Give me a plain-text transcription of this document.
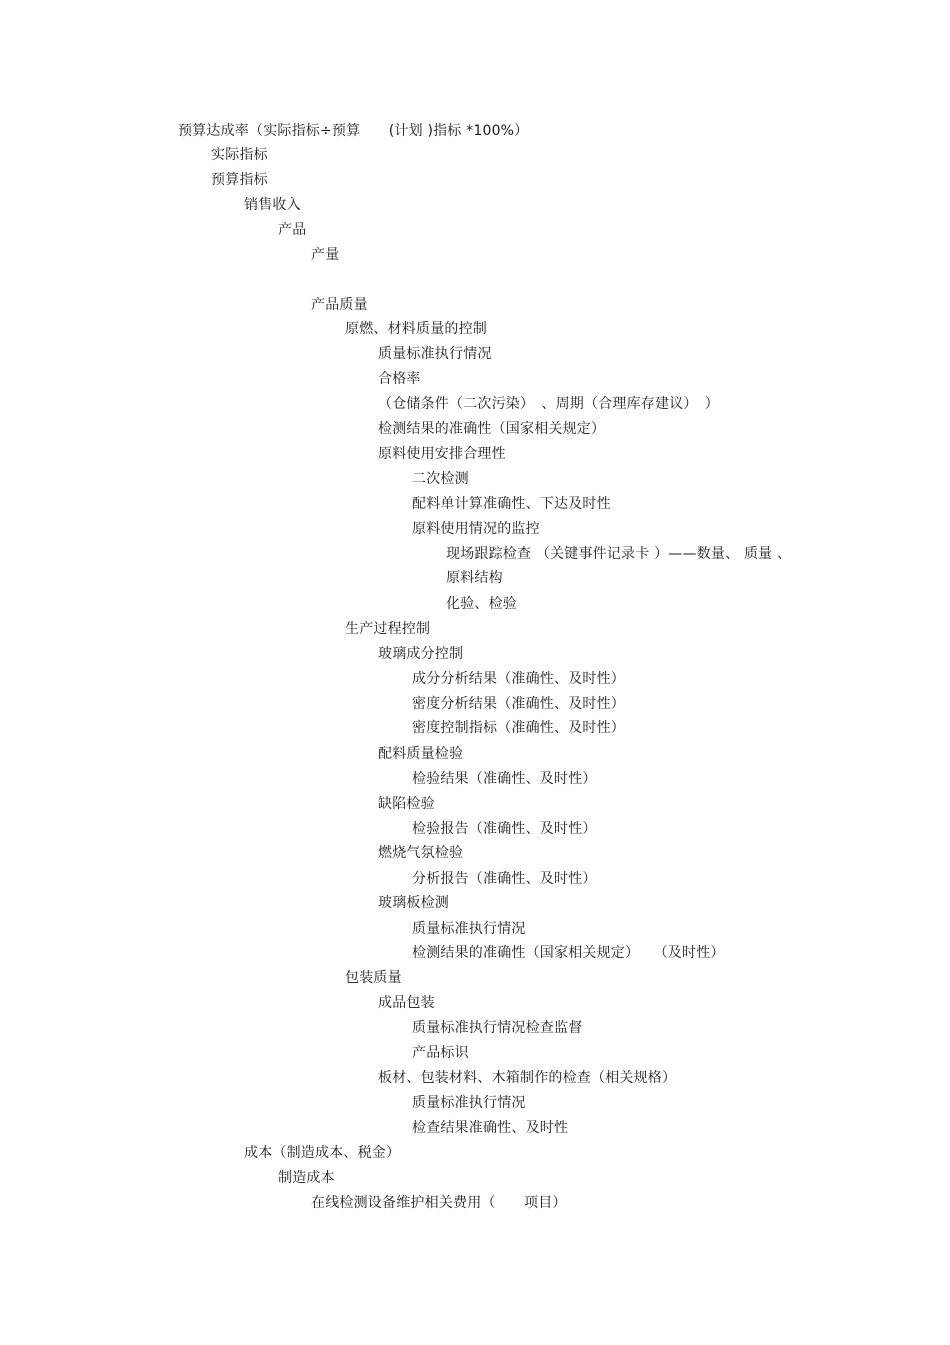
预算达成率（实际指标÷预算　　(计划 )指标 *100%）
实际指标
预算指标
销售收入
产品
产量
产品质量
原燃、材料质量的控制
质量标准执行情况
合格率
（仓储条件（二次污染）　、周期（合理库存建议）　）
检测结果的准确性（国家相关规定）
原料使用安排合理性
二次检测
配料单计算准确性、下达及时性
原料使用情况的监控
现场跟踪检查 （关键事件记录卡 ）——数量、 质量 、
原料结构
化验、检验
生产过程控制
玻璃成分控制
成分分析结果（准确性、及时性）
密度分析结果（准确性、及时性）
密度控制指标（准确性、及时性）
配料质量检验
检验结果（准确性、及时性）
缺陷检验
检验报告（准确性、及时性）
燃烧气氛检验
分析报告（准确性、及时性）
玻璃板检测
质量标准执行情况
检测结果的准确性（国家相关规定）　　（及时性）
包装质量
成品包装
质量标准执行情况检查监督
产品标识
板材、包装材料、木箱制作的检查（相关规格）
质量标准执行情况
检查结果准确性、及时性
成本（制造成本、税金）
制造成本
在线检测设备维护相关费用（　　项目）
